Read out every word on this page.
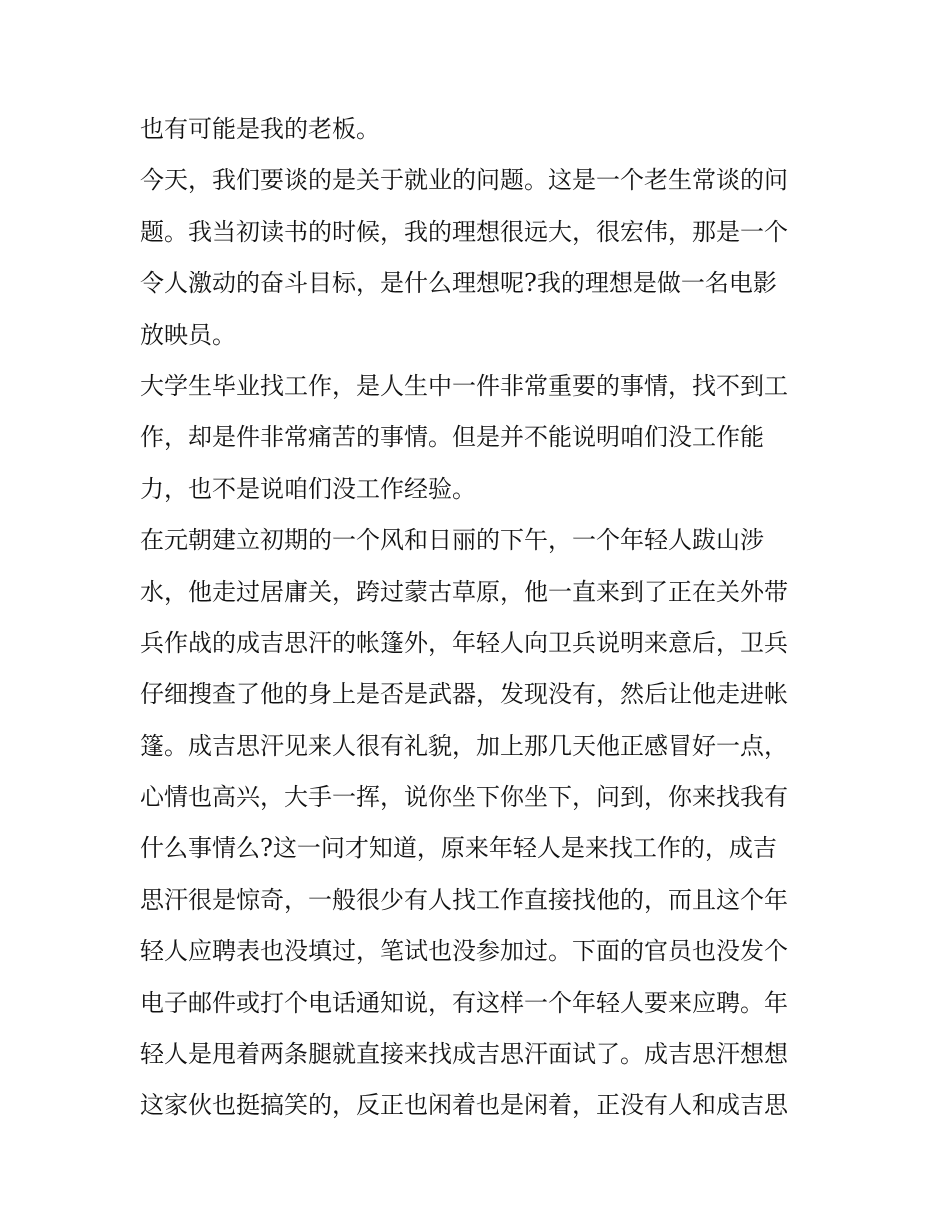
也有可能是我的老板。
今天，我们要谈的是关于就业的问题。这是一个老生常谈的问
题。我当初读书的时候，我的理想很远大，很宏伟，那是一个
令人激动的奋斗目标，是什么理想呢?我的理想是做一名电影
放映员。
大学生毕业找工作，是人生中一件非常重要的事情，找不到工
作，却是件非常痛苦的事情。但是并不能说明咱们没工作能
力，也不是说咱们没工作经验。
在元朝建立初期的一个风和日丽的下午，一个年轻人跋山涉
水，他走过居庸关，跨过蒙古草原，他一直来到了正在关外带
兵作战的成吉思汗的帐篷外，年轻人向卫兵说明来意后，卫兵
仔细搜查了他的身上是否是武器，发现没有，然后让他走进帐
篷。成吉思汗见来人很有礼貌，加上那几天他正感冒好一点，
心情也高兴，大手一挥，说你坐下你坐下，问到，你来找我有
什么事情么?这一问才知道，原来年轻人是来找工作的，成吉
思汗很是惊奇，一般很少有人找工作直接找他的，而且这个年
轻人应聘表也没填过，笔试也没参加过。下面的官员也没发个
电子邮件或打个电话通知说，有这样一个年轻人要来应聘。年
轻人是甩着两条腿就直接来找成吉思汗面试了。成吉思汗想想
这家伙也挺搞笑的，反正也闲着也是闲着，正没有人和成吉思
